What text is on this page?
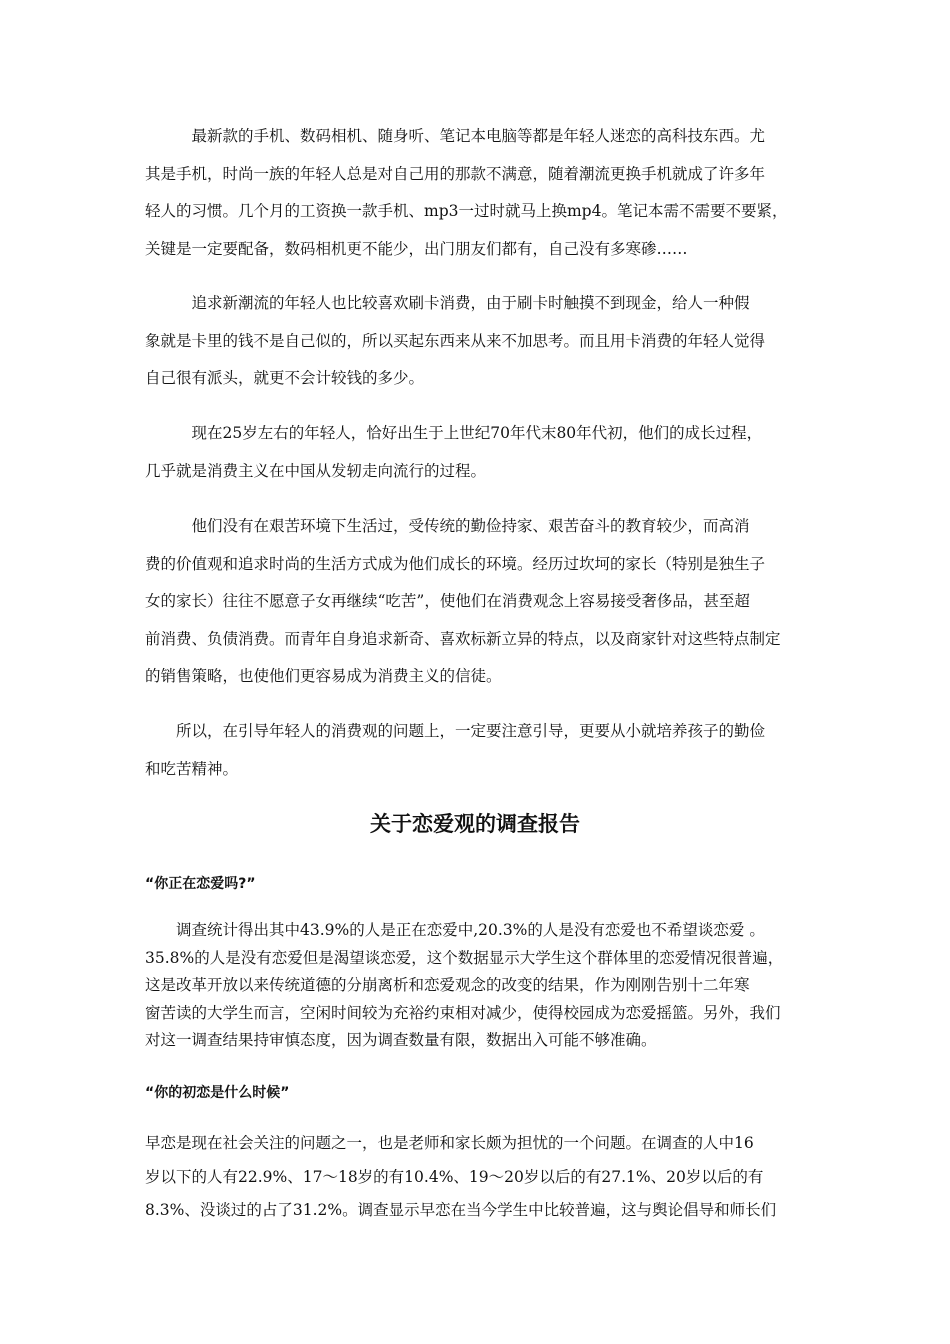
　　　最新款的手机、数码相机、随身听、笔记本电脑等都是年轻人迷恋的高科技东西。尤
其是手机，时尚一族的年轻人总是对自己用的那款不满意，随着潮流更换手机就成了许多年
轻人的习惯。几个月的工资换一款手机、mp3一过时就马上换mp4。笔记本需不需要不要紧，
关键是一定要配备，数码相机更不能少，出门朋友们都有，自己没有多寒碜……
　　　追求新潮流的年轻人也比较喜欢刷卡消费，由于刷卡时触摸不到现金，给人一种假
象就是卡里的钱不是自己似的，所以买起东西来从来不加思考。而且用卡消费的年轻人觉得
自己很有派头，就更不会计较钱的多少。
　　　现在25岁左右的年轻人，恰好出生于上世纪70年代末80年代初，他们的成长过程，
几乎就是消费主义在中国从发轫走向流行的过程。
　　　他们没有在艰苦环境下生活过，受传统的勤俭持家、艰苦奋斗的教育较少，而高消
费的价值观和追求时尚的生活方式成为他们成长的环境。经历过坎坷的家长（特别是独生子
女的家长）往往不愿意子女再继续“吃苦”，使他们在消费观念上容易接受奢侈品，甚至超
前消费、负债消费。而青年自身追求新奇、喜欢标新立异的特点，以及商家针对这些特点制定
的销售策略，也使他们更容易成为消费主义的信徒。
　　所以，在引导年轻人的消费观的问题上，一定要注意引导，更要从小就培养孩子的勤俭
和吃苦精神。
关于恋爱观的调查报告

“你正在恋爱吗?”

　　调查统计得出其中43.9%的人是正在恋爱中,20.3%的人是没有恋爱也不希望谈恋爱 。
35.8%的人是没有恋爱但是渴望谈恋爱，这个数据显示大学生这个群体里的恋爱情况很普遍，
这是改革开放以来传统道德的分崩离析和恋爱观念的改变的结果，作为刚刚告别十二年寒
窗苦读的大学生而言，空闲时间较为充裕约束相对减少，使得校园成为恋爱摇篮。另外，我们
对这一调查结果持审慎态度，因为调查数量有限，数据出入可能不够准确。

“你的初恋是什么时候”

早恋是现在社会关注的问题之一，也是老师和家长颇为担忧的一个问题。在调查的人中16
岁以下的人有22.9%、17～18岁的有10.4%、19～20岁以后的有27.1%、20岁以后的有
8.3%、没谈过的占了31.2%。调查显示早恋在当今学生中比较普遍，这与舆论倡导和师长们
